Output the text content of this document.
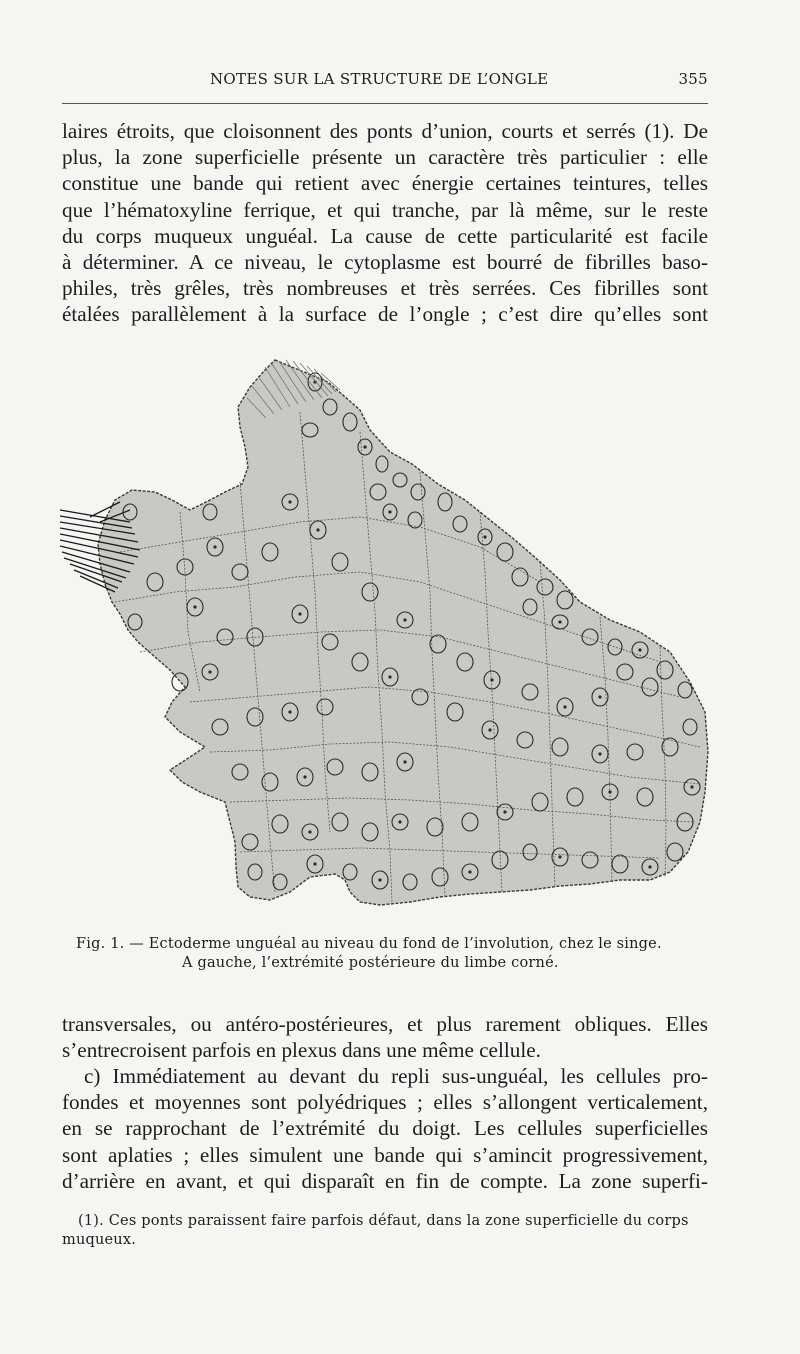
NOTES SUR LA STRUCTURE DE L’ONGLE	355
laires étroits, que cloisonnent des ponts d’union, courts et serrés (1). De
plus, la zone superficielle présente un caractère très particulier : elle
constitue une bande qui retient avec énergie certaines teintures, telles
que l’hématoxyline ferrique, et qui tranche, par là même, sur le reste
du corps muqueux unguéal. La cause de cette particularité est facile
à déterminer. A ce niveau, le cytoplasme est bourré de fibrilles baso-
philes, très grêles, très nombreuses et très serrées. Ces fibrilles sont
étalées parallèlement à la surface de l’ongle ; c’est dire qu’elles sont
Fig. 1. — Ectoderme unguéal au niveau du fond de l’involution, chez le singe.
A gauche, l’extrémité postérieure du limbe corné.
transversales, ou antéro-postérieures, et plus rarement obliques. Elles
s’entrecroisent parfois en plexus dans une même cellule.
c) Immédiatement au devant du repli sus-unguéal, les cellules pro-
fondes et moyennes sont polyédriques ; elles s’allongent verticalement,
en se rapprochant de l’extrémité du doigt. Les cellules superficielles
sont aplaties ; elles simulent une bande qui s’amincit progressivement,
d’arrière en avant, et qui disparaît en fin de compte. La zone superfi-
(1). Ces ponts paraissent faire parfois défaut, dans la zone superficielle du corps
muqueux.
